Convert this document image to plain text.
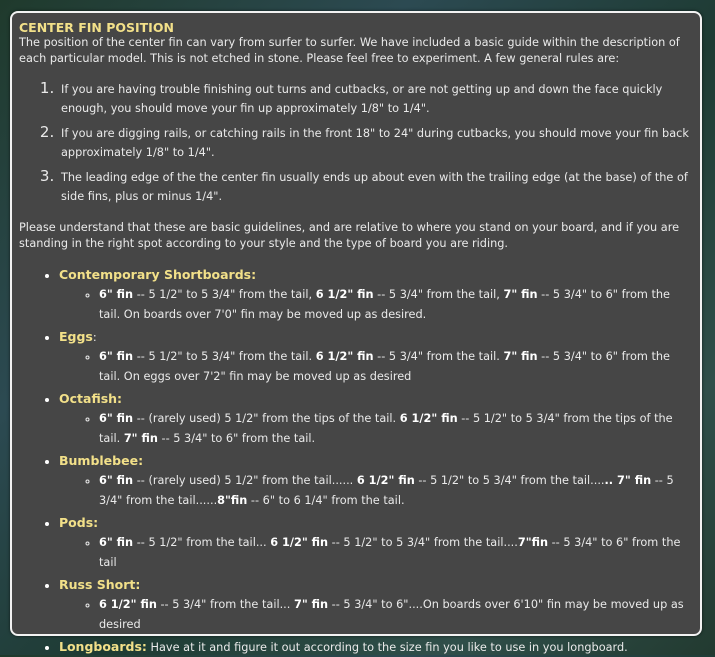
CENTER FIN POSITION

The position of the center fin can vary from surfer to surfer. We have included a basic guide within the description of each particular model. This is not etched in stone. Please feel free to experiment. A few general rules are:

1. If you are having trouble finishing out turns and cutbacks, or are not getting up and down the face quickly enough, you should move your fin up approximately 1/8" to 1/4".
2. If you are digging rails, or catching rails in the front 18" to 24" during cutbacks, you should move your fin back approximately 1/8" to 1/4".
3. The leading edge of the the center fin usually ends up about even with the trailing edge (at the base) of the of side fins, plus or minus 1/4".

Please understand that these are basic guidelines, and are relative to where you stand on your board, and if you are standing in the right spot according to your style and the type of board you are riding.

• Contemporary Shortboards:
◦ 6" fin -- 5 1/2" to 5 3/4" from the tail, 6 1/2" fin -- 5 3/4" from the tail, 7" fin -- 5 3/4" to 6" from the tail. On boards over 7'0" fin may be moved up as desired.
• Eggs:
◦ 6" fin -- 5 1/2" to 5 3/4" from the tail. 6 1/2" fin -- 5 3/4" from the tail. 7" fin -- 5 3/4" to 6" from the tail. On eggs over 7'2" fin may be moved up as desired
• Octafish:
◦ 6" fin -- (rarely used) 5 1/2" from the tips of the tail. 6 1/2" fin -- 5 1/2" to 5 3/4" from the tips of the tail. 7" fin -- 5 3/4" to 6" from the tail.
• Bumblebee:
◦ 6" fin -- (rarely used) 5 1/2" from the tail...... 6 1/2" fin -- 5 1/2" to 5 3/4" from the tail...... 7" fin -- 5 3/4" from the tail......8"fin -- 6" to 6 1/4" from the tail.
• Pods:
◦ 6" fin -- 5 1/2" from the tail... 6 1/2" fin -- 5 1/2" to 5 3/4" from the tail....7"fin -- 5 3/4" to 6" from the tail
• Russ Short:
◦ 6 1/2" fin -- 5 3/4" from the tail... 7" fin -- 5 3/4" to 6"....On boards over 6'10" fin may be moved up as desired
• Longboards: Have at it and figure it out according to the size fin you like to use in you longboard.
